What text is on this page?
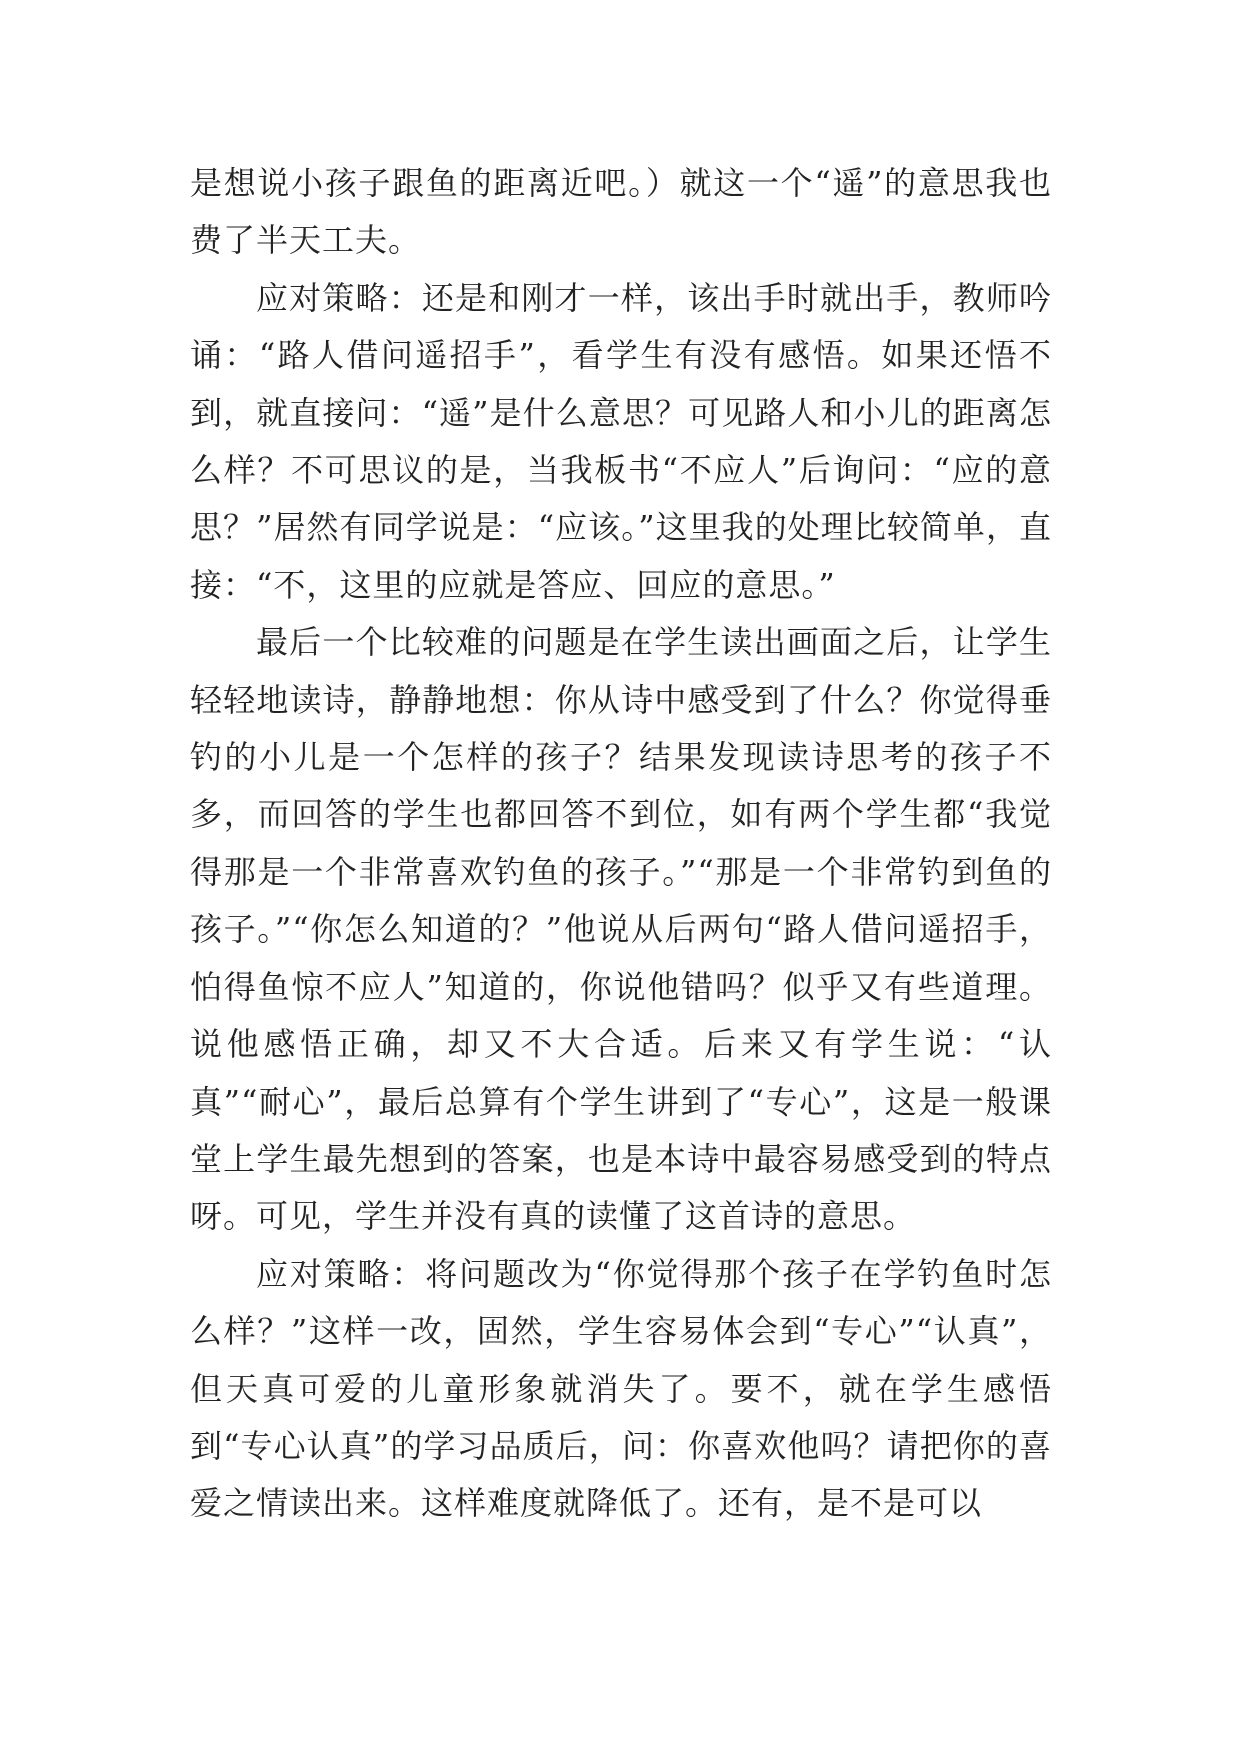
是想说小孩子跟鱼的距离近吧。）就这一个“遥”的意思我也费了半天工夫。

应对策略：还是和刚才一样，该出手时就出手，教师吟诵：“路人借问遥招手”，看学生有没有感悟。如果还悟不到，就直接问：“遥”是什么意思？可见路人和小儿的距离怎么样？不可思议的是，当我板书“不应人”后询问：“应的意思？”居然有同学说是：“应该。”这里我的处理比较简单，直接：“不，这里的应就是答应、回应的意思。”

最后一个比较难的问题是在学生读出画面之后，让学生轻轻地读诗，静静地想：你从诗中感受到了什么？你觉得垂钓的小儿是一个怎样的孩子？结果发现读诗思考的孩子不多，而回答的学生也都回答不到位，如有两个学生都“我觉得那是一个非常喜欢钓鱼的孩子。”“那是一个非常钓到鱼的孩子。”“你怎么知道的？”他说从后两句“路人借问遥招手，怕得鱼惊不应人”知道的，你说他错吗？似乎又有些道理。说他感悟正确，却又不大合适。后来又有学生说：“认真”“耐心”，最后总算有个学生讲到了“专心”，这是一般课堂上学生最先想到的答案，也是本诗中最容易感受到的特点呀。可见，学生并没有真的读懂了这首诗的意思。

应对策略：将问题改为“你觉得那个孩子在学钓鱼时怎么样？”这样一改，固然，学生容易体会到“专心”“认真”，但天真可爱的儿童形象就消失了。要不，就在学生感悟到“专心认真”的学习品质后，问：你喜欢他吗？请把你的喜爱之情读出来。这样难度就降低了。还有，是不是可以
